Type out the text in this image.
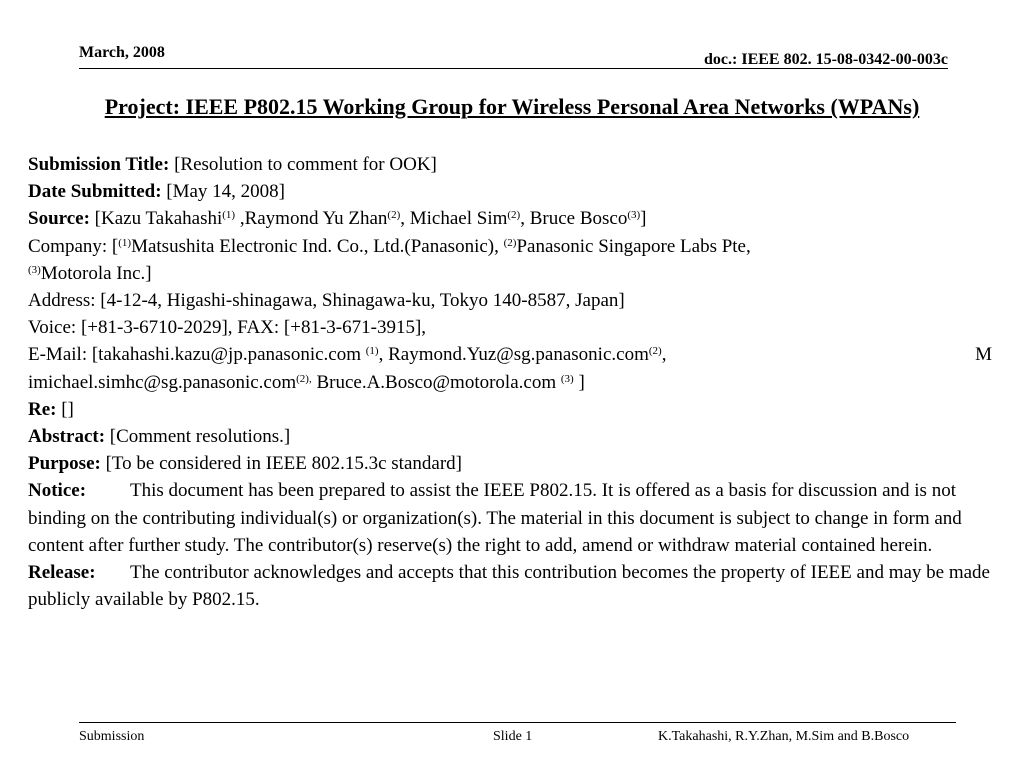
March, 2008	doc.: IEEE 802. 15-08-0342-00-003c
Project: IEEE P802.15 Working Group for Wireless Personal Area Networks (WPANs)
Submission Title: [Resolution to comment for OOK]
Date Submitted: [May 14, 2008]
Source: [Kazu Takahashi$^{(1)}$ ,Raymond Yu Zhan$^{(2)}$, Michael Sim$^{(2)}$, Bruce Bosco$^{(3)}$]
Company: [$^{(1)}$Matsushita Electronic Ind. Co., Ltd.(Panasonic), $^{(2)}$Panasonic Singapore Labs Pte,
$^{(3)}$Motorola Inc.]
Address: [4-12-4, Higashi-shinagawa, Shinagawa-ku, Tokyo 140-8587, Japan]
Voice: [+81-3-6710-2029], FAX: [+81-3-671-3915],
E-Mail: [takahashi.kazu@jp.panasonic.com $^{(1)}$, Raymond.Yuz@sg.panasonic.com$^{(2)}$,	M
imichael.simhc@sg.panasonic.com$^{(2),}$ Bruce.A.Bosco@motorola.com $^{(3)}$ ]
Re: []
Abstract: [Comment resolutions.]
Purpose: [To be considered in IEEE 802.15.3c standard]
Notice: This document has been prepared to assist the IEEE P802.15. It is offered as a basis for discussion and is not binding on the contributing individual(s) or organization(s). The material in this document is subject to change in form and content after further study. The contributor(s) reserve(s) the right to add, amend or withdraw material contained herein.
Release: The contributor acknowledges and accepts that this contribution becomes the property of IEEE and may be made publicly available by P802.15.
Submission	Slide 1	K.Takahashi, R.Y.Zhan, M.Sim and B.Bosco
